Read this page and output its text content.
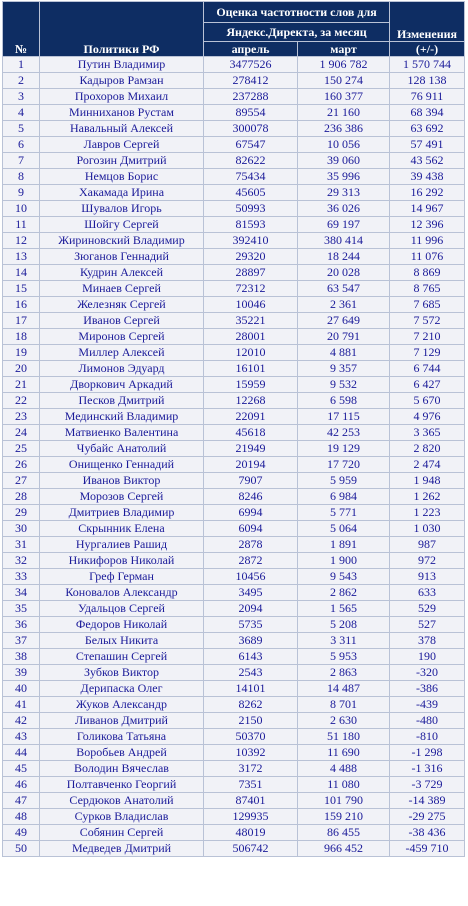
№	Политики РФ	Оценка частотности слов для		Изменения
		Яндекс.Директа, за месяц		
		апрель	март	(+/-)
1	Путин Владимир	3477526	1 906 782	1 570 744
2	Кадыров Рамзан	278412	150 274	128 138
3	Прохоров Михаил	237288	160 377	76 911
4	Минниханов Рустам	89554	21 160	68 394
5	Навальный Алексей	300078	236 386	63 692
6	Лавров Сергей	67547	10 056	57 491
7	Рогозин Дмитрий	82622	39 060	43 562
8	Немцов Борис	75434	35 996	39 438
9	Хакамада Ирина	45605	29 313	16 292
10	Шувалов Игорь	50993	36 026	14 967
11	Шойгу Сергей	81593	69 197	12 396
12	Жириновский Владимир	392410	380 414	11 996
13	Зюганов Геннадий	29320	18 244	11 076
14	Кудрин Алексей	28897	20 028	8 869
15	Минаев Сергей	72312	63 547	8 765
16	Железняк Сергей	10046	2 361	7 685
17	Иванов Сергей	35221	27 649	7 572
18	Миронов Сергей	28001	20 791	7 210
19	Миллер Алексей	12010	4 881	7 129
20	Лимонов Эдуард	16101	9 357	6 744
21	Дворкович Аркадий	15959	9 532	6 427
22	Песков Дмитрий	12268	6 598	5 670
23	Мединский Владимир	22091	17 115	4 976
24	Матвиенко Валентина	45618	42 253	3 365
25	Чубайс Анатолий	21949	19 129	2 820
26	Онищенко Геннадий	20194	17 720	2 474
27	Иванов Виктор	7907	5 959	1 948
28	Морозов Сергей	8246	6 984	1 262
29	Дмитриев Владимир	6994	5 771	1 223
30	Скрынник Елена	6094	5 064	1 030
31	Нургалиев Рашид	2878	1 891	987
32	Никифоров Николай	2872	1 900	972
33	Греф Герман	10456	9 543	913
34	Коновалов Александр	3495	2 862	633
35	Удальцов Сергей	2094	1 565	529
36	Федоров Николай	5735	5 208	527
37	Белых Никита	3689	3 311	378
38	Степашин Сергей	6143	5 953	190
39	Зубков Виктор	2543	2 863	-320
40	Дерипаска Олег	14101	14 487	-386
41	Жуков Александр	8262	8 701	-439
42	Ливанов Дмитрий	2150	2 630	-480
43	Голикова Татьяна	50370	51 180	-810
44	Воробьев Андрей	10392	11 690	-1 298
45	Володин Вячеслав	3172	4 488	-1 316
46	Полтавченко Георгий	7351	11 080	-3 729
47	Сердюков Анатолий	87401	101 790	-14 389
48	Сурков Владислав	129935	159 210	-29 275
49	Собянин Сергей	48019	86 455	-38 436
50	Медведев Дмитрий	506742	966 452	-459 710
